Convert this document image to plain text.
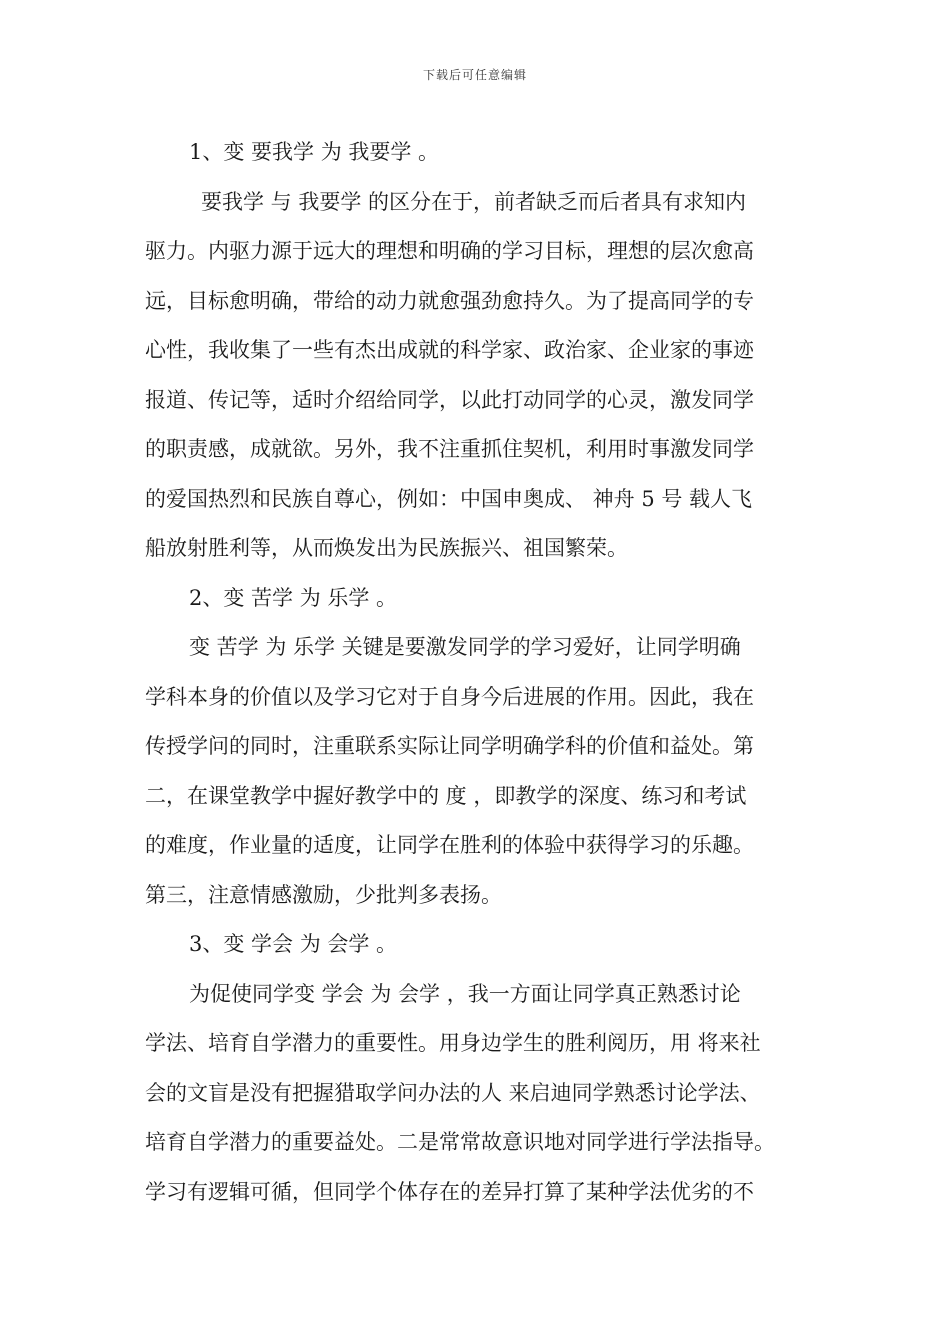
下载后可任意编辑
1、变 要我学 为 我要学 。
要我学 与 我要学 的区分在于，前者缺乏而后者具有求知内
驱力。内驱力源于远大的理想和明确的学习目标，理想的层次愈高
远，目标愈明确，带给的动力就愈强劲愈持久。为了提高同学的专
心性，我收集了一些有杰出成就的科学家、政治家、企业家的事迹
报道、传记等，适时介绍给同学，以此打动同学的心灵，激发同学
的职责感，成就欲。另外，我不注重抓住契机，利用时事激发同学
的爱国热烈和民族自尊心，例如：中国申奥成、 神舟 5 号 载人飞
船放射胜利等，从而焕发出为民族振兴、祖国繁荣。
2、变 苦学 为 乐学 。
变 苦学 为 乐学 关键是要激发同学的学习爱好，让同学明确
学科本身的价值以及学习它对于自身今后进展的作用。因此，我在
传授学问的同时，注重联系实际让同学明确学科的价值和益处。第
二，在课堂教学中握好教学中的 度 ，即教学的深度、练习和考试
的难度，作业量的适度，让同学在胜利的体验中获得学习的乐趣。
第三，注意情感激励，少批判多表扬。
3、变 学会 为 会学 。
为促使同学变 学会 为 会学 ，我一方面让同学真正熟悉讨论
学法、培育自学潜力的重要性。用身边学生的胜利阅历，用 将来社
会的文盲是没有把握猎取学问办法的人 来启迪同学熟悉讨论学法、
培育自学潜力的重要益处。二是常常故意识地对同学进行学法指导。
学习有逻辑可循，但同学个体存在的差异打算了某种学法优劣的不
